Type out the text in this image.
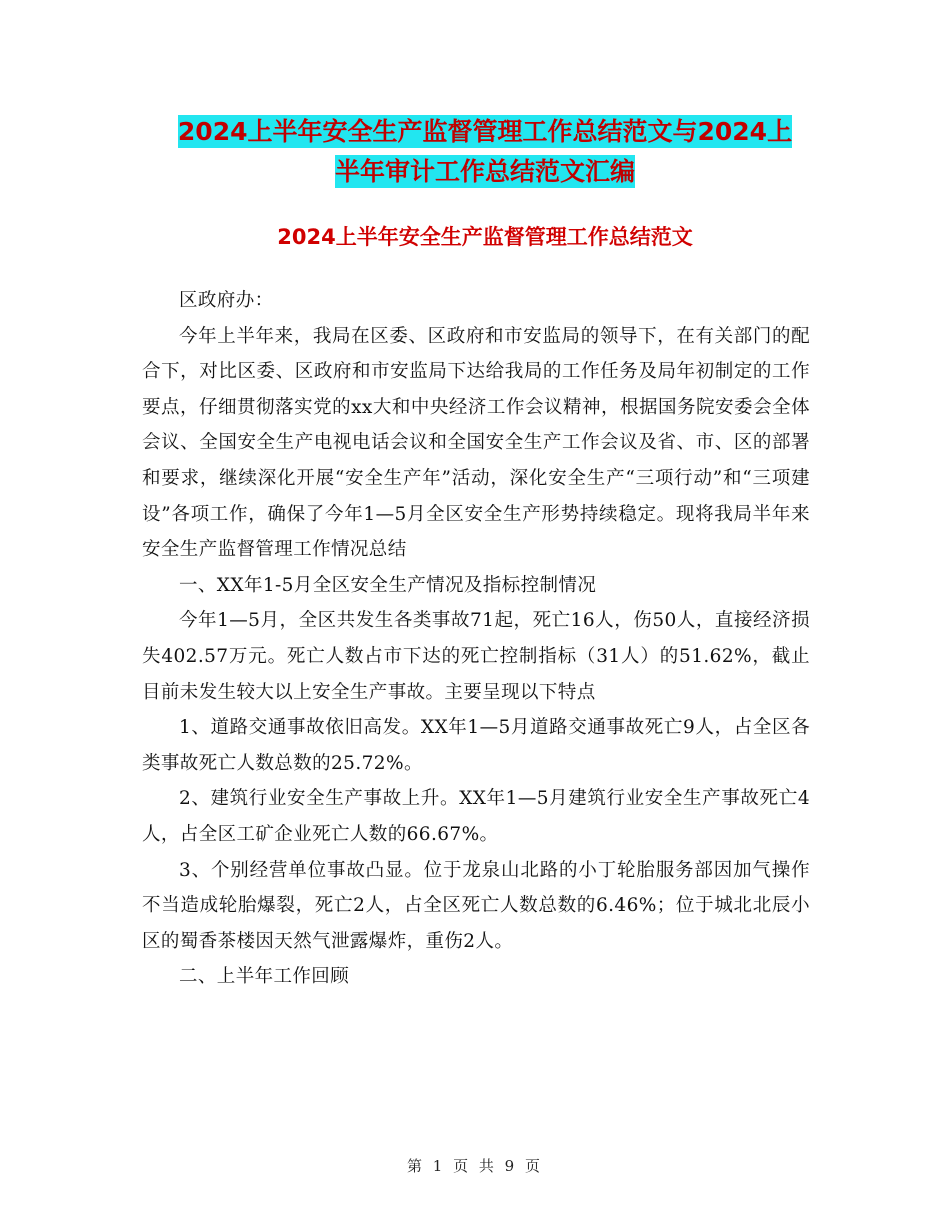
2024上半年安全生产监督管理工作总结范文与2024上
半年审计工作总结范文汇编
2024上半年安全生产监督管理工作总结范文

区政府办：

今年上半年来，我局在区委、区政府和市安监局的领导下，在有关部门的配合下，对比区委、区政府和市安监局下达给我局的工作任务及局年初制定的工作要点，仔细贯彻落实党的xx大和中央经济工作会议精神，根据国务院安委会全体会议、全国安全生产电视电话会议和全国安全生产工作会议及省、市、区的部署和要求，继续深化开展“安全生产年”活动，深化安全生产“三项行动”和“三项建设”各项工作，确保了今年1—5月全区安全生产形势持续稳定。现将我局半年来安全生产监督管理工作情况总结

一、XX年1-5月全区安全生产情况及指标控制情况

今年1—5月，全区共发生各类事故71起，死亡16人，伤50人，直接经济损失402.57万元。死亡人数占市下达的死亡控制指标（31人）的51.62%，截止目前未发生较大以上安全生产事故。主要呈现以下特点

1、道路交通事故依旧高发。XX年1—5月道路交通事故死亡9人，占全区各类事故死亡人数总数的25.72%。

2、建筑行业安全生产事故上升。XX年1—5月建筑行业安全生产事故死亡4人，占全区工矿企业死亡人数的66.67%。

3、个别经营单位事故凸显。位于龙泉山北路的小丁轮胎服务部因加气操作不当造成轮胎爆裂，死亡2人，占全区死亡人数总数的6.46%；位于城北北辰小区的蜀香茶楼因天然气泄露爆炸，重伤2人。

二、上半年工作回顾

第 1 页 共 9 页
